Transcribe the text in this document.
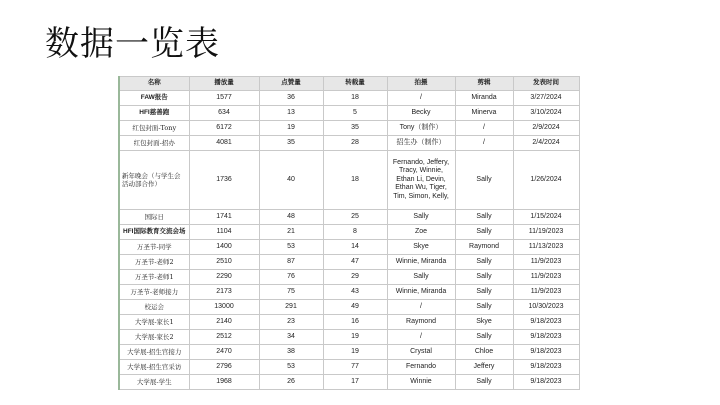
数据一览表
名称	播放量	点赞量	转载量	拍摄	剪辑	发表时间
FAW报告	1577	36	18	/	Miranda	3/27/2024
HFI慈善跑	634	13	5	Becky	Minerva	3/10/2024
红包封面-Tony	6172	19	35	Tony（制作）	/	2/9/2024
红包封面-招办	4081	35	28	招生办（制作）	/	2/4/2024
新年晚会（与学生会活动部合作）	1736	40	18	Fernando, Jeffery,
Tracy, Winnie,
Ethan Li, Devin,
Ethan Wu, Tiger,
Tim, Simon, Kelly,	Sally	1/26/2024
国际日	1741	48	25	Sally	Sally	1/15/2024
HFI国际教育交流会场	1104	21	8	Zoe	Sally	11/19/2023
万圣节-同学	1400	53	14	Skye	Raymond	11/13/2023
万圣节-老师2	2510	87	47	Winnie, Miranda	Sally	11/9/2023
万圣节-老师1	2290	76	29	Sally	Sally	11/9/2023
万圣节-老师接力	2173	75	43	Winnie, Miranda	Sally	11/9/2023
校运会	13000	291	49	/	Sally	10/30/2023
大学展-家长1	2140	23	16	Raymond	Skye	9/18/2023
大学展-家长2	2512	34	19	/	Sally	9/18/2023
大学展-招生官接力	2470	38	19	Crystal	Chloe	9/18/2023
大学展-招生官采访	2796	53	77	Fernando	Jeffery	9/18/2023
大学展-学生	1968	26	17	Winnie	Sally	9/18/2023
